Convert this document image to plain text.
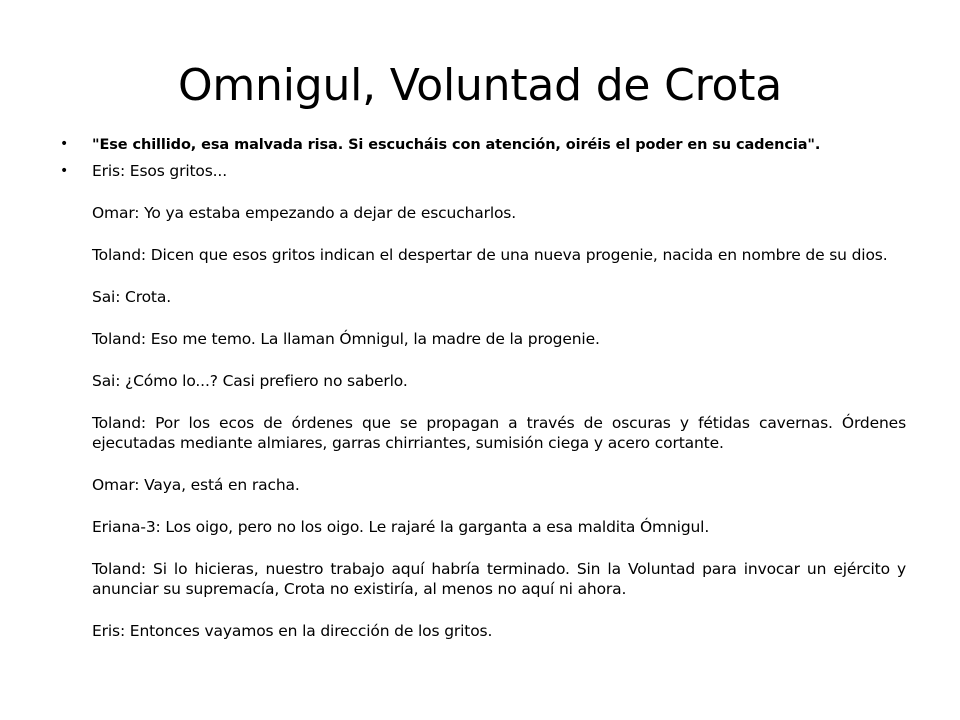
Omnigul, Voluntad de Crota
• "Ese chillido, esa malvada risa. Si escucháis con atención, oiréis el poder en su cadencia".
• Eris: Esos gritos...
Omar: Yo ya estaba empezando a dejar de escucharlos.
Toland: Dicen que esos gritos indican el despertar de una nueva progenie, nacida en nombre de su dios.
Sai: Crota.
Toland: Eso me temo. La llaman Ómnigul, la madre de la progenie.
Sai: ¿Cómo lo...? Casi prefiero no saberlo.
Toland: Por los ecos de órdenes que se propagan a través de oscuras y fétidas cavernas. Órdenes ejecutadas mediante almiares, garras chirriantes, sumisión ciega y acero cortante.
Omar: Vaya, está en racha.
Eriana-3: Los oigo, pero no los oigo. Le rajaré la garganta a esa maldita Ómnigul.
Toland: Si lo hicieras, nuestro trabajo aquí habría terminado. Sin la Voluntad para invocar un ejército y anunciar su supremacía, Crota no existiría, al menos no aquí ni ahora.
Eris: Entonces vayamos en la dirección de los gritos.
